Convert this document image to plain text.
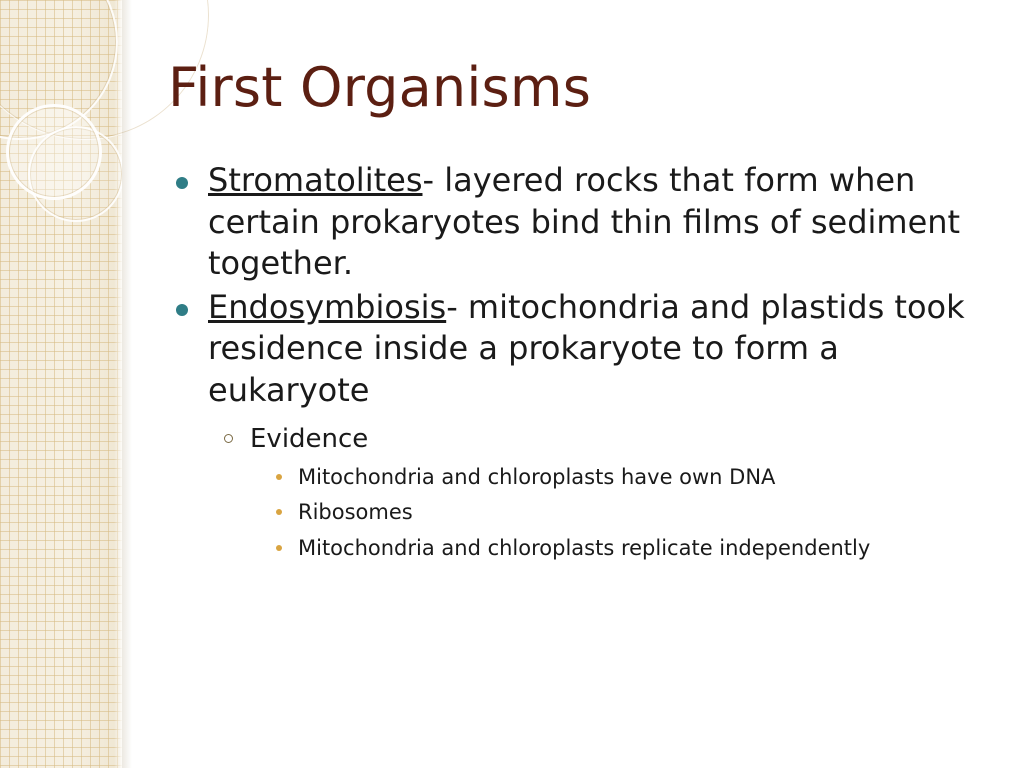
First Organisms
Stromatolites- layered rocks that form when certain prokaryotes bind thin films of sediment together.
Endosymbiosis- mitochondria and plastids took residence inside a prokaryote to form a eukaryote
Evidence
Mitochondria and chloroplasts have own DNA
Ribosomes
Mitochondria and chloroplasts replicate independently
